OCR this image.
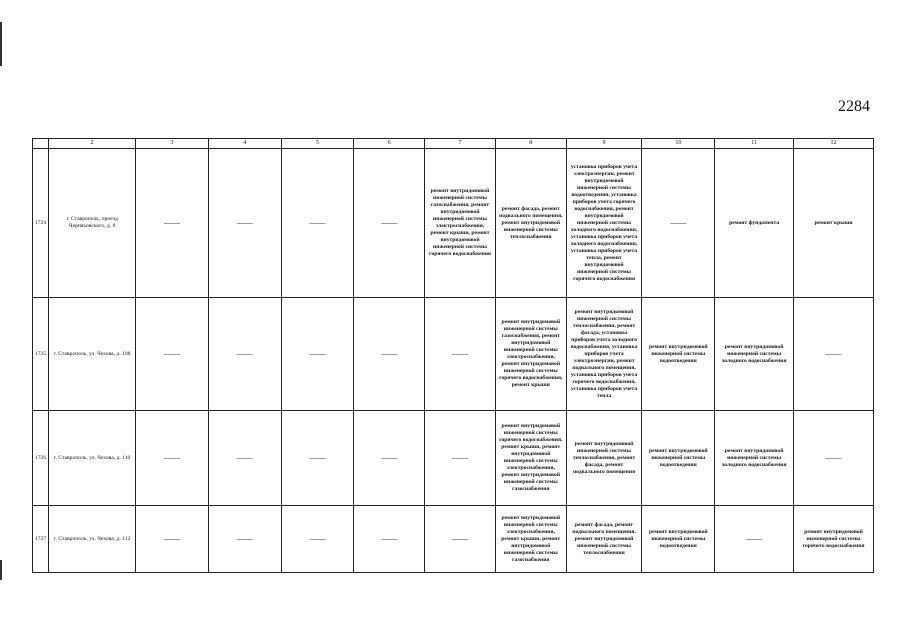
2284
	2	3	4	5	6	7	8	9	10	11	12
1724	г. Ставрополь, проезд Черняховского, д. 8	——	——	——	——	ремонт внутридомовой инженерной системы газоснабжения, ремонт внутридомовой инженерной системы электроснабжения, ремонт крыши, ремонт внутридомовой инженерной системы горячего водоснабжения	ремонт фасада, ремонт подвального помещения, ремонт внутридомовой инженерной системы теплоснабжения	установка приборов учета электроэнергии, ремонт внутридомовой инженерной системы водоотведения, установка приборов учета горячего водоснабжения, ремонт внутридомовой инженерной системы холодного водоснабжения, установка приборов учета холодного водоснабжения, установка приборов учета тепла, ремонт внутридомовой инженерной системы горячего водоснабжения	——	ремонт фундамента	ремонт крыши
1725	г. Ставрополь, ул. Чехова, д. 108	——	——	——	——	——	ремонт внутридомовой инженерной системы газоснабжения, ремонт внутридомовой инженерной системы электроснабжения, ремонт внутридомовой инженерной системы горячего водоснабжения, ремонт крыши	ремонт внутридомовой инженерной системы теплоснабжения, ремонт фасада, установка приборов учета холодного водоснабжения, установка приборов учета электроэнергии, ремонт подвального помещения, установка приборов учета горячего водоснабжения, установка приборов учета тепла	ремонт внутридомовой инженерной системы водоотведения	ремонт внутридомовой инженерной системы холодного водоснабжения	——
1726	г. Ставрополь, ул. Чехова, д. 110	——	——	——	——	——	ремонт внутридомовой инженерной системы горячего водоснабжения, ремонт крыши, ремонт внутридомовой инженерной системы электроснабжения, ремонт внутридомовой инженерной системы газоснабжения	ремонт внутридомовой инженерной системы теплоснабжения, ремонт фасада, ремонт подвального помещения	ремонт внутридомовой инженерной системы водоотведения	ремонт внутридомовой инженерной системы холодного водоснабжения	——
1727	г. Ставрополь, ул. Чехова, д. 112	——	——	——	——	——	ремонт внутридомовой инженерной системы электроснабжения, ремонт крыши, ремонт внутридомовой инженерной системы газоснабжения	ремонт фасада, ремонт подвального помещения, ремонт внутридомовой инженерной системы теплоснабжения	ремонт внутридомовой инженерной системы водоотведения	——	ремонт внутридомовой инженерной системы горячего водоснабжения
